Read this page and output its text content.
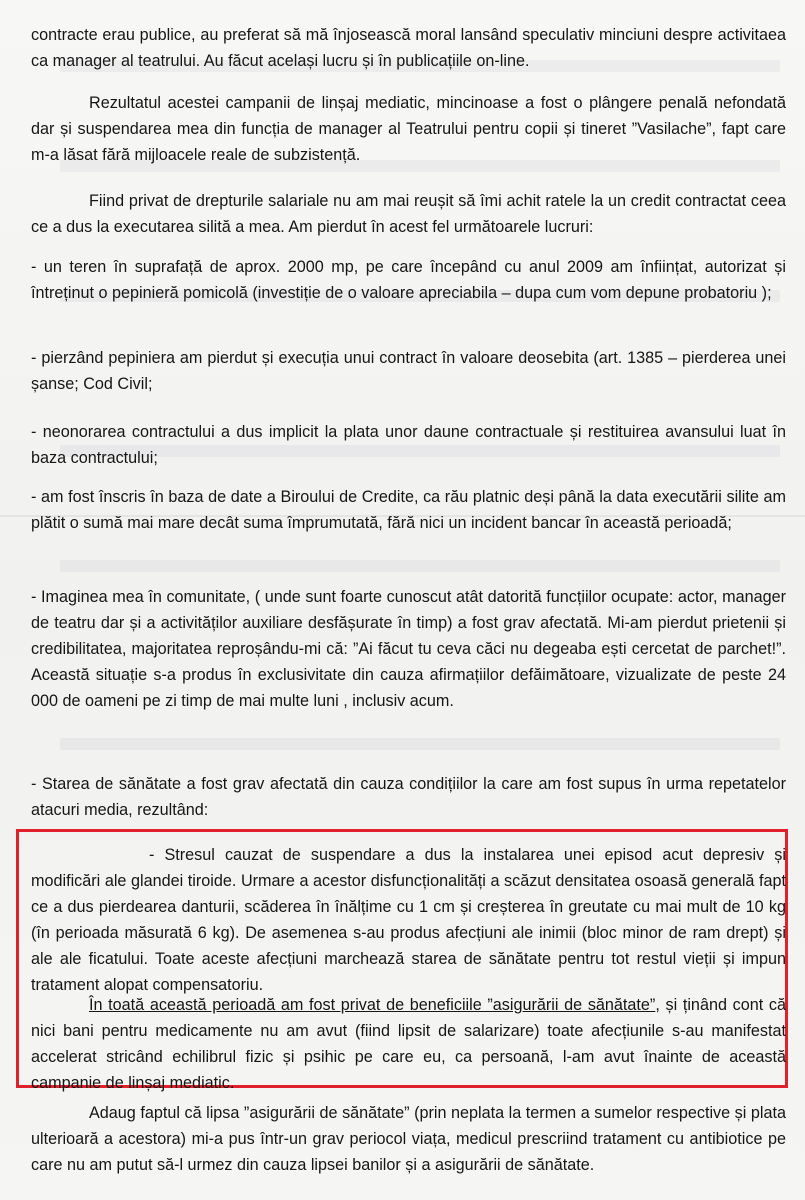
contracte erau publice, au preferat să mă înjosească moral lansând speculativ minciuni despre activitaea ca manager al teatrului. Au făcut același lucru și în publicațiile on-line.

Rezultatul acestei campanii de linșaj mediatic, mincinoase a fost o plângere penală nefondată dar și suspendarea mea din funcția de manager al Teatrului pentru copii și tineret ”Vasilache”, fapt care m-a lăsat fără mijloacele reale de subzistență.

Fiind privat de drepturile salariale nu am mai reușit să îmi achit ratele la un credit contractat ceea ce a dus la executarea silită a mea. Am pierdut în acest fel următoarele lucruri:

- un teren în suprafață de aprox. 2000 mp, pe care începând cu anul 2009 am înființat, autorizat și întreținut o pepinieră pomicolă (investiție de o valoare apreciabila – dupa cum vom depune probatoriu );

- pierzând pepiniera am pierdut și execuția unui contract în valoare deosebita (art. 1385 – pierderea unei șanse; Cod Civil;

- neonorarea contractului a dus implicit la plata unor daune contractuale și restituirea avansului luat în baza contractului;

- am fost înscris în baza de date a Biroului de Credite, ca rău platnic deși până la data executării silite am plătit o sumă mai mare decât suma împrumutată, fără nici un incident bancar în această perioadă;

- Imaginea mea în comunitate, ( unde sunt foarte cunoscut atât datorită funcțiilor ocupate: actor, manager de teatru dar și a activităților auxiliare desfășurate în timp) a fost grav afectată. Mi-am pierdut prietenii și credibilitatea, majoritatea reproșându-mi că: ”Ai făcut tu ceva căci nu degeaba ești cercetat de parchet!”. Această situație s-a produs în exclusivitate din cauza afirmațiilor defăimătoare, vizualizate de peste 24 000 de oameni pe zi timp de mai multe luni , inclusiv acum.

- Starea de sănătate a fost grav afectată din cauza condițiilor la care am fost supus în urma repetatelor atacuri media, rezultând:

- Stresul cauzat de suspendare a dus la instalarea unei episod acut depresiv și modificări ale glandei tiroide. Urmare a acestor disfuncționalități a scăzut densitatea osoasă generală fapt ce a dus pierdearea danturii, scăderea în înălțime cu 1 cm și creșterea în greutate cu mai mult de 10 kg (în perioada măsurată 6 kg). De asemenea s-au produs afecțiuni ale inimii (bloc minor de ram drept) și ale ale ficatului. Toate aceste afecțiuni marchează starea de sănătate pentru tot restul vieții și impun tratament alopat compensatoriu.

În toată această perioadă am fost privat de beneficiile ”asigurării de sănătate”, și ținând cont că nici bani pentru medicamente nu am avut (fiind lipsit de salarizare) toate afecțiunile s-au manifestat accelerat stricând echilibrul fizic și psihic pe care eu, ca persoană, l-am avut înainte de această campanie de linșaj mediatic.

Adaug faptul că lipsa ”asigurării de sănătate” (prin neplata la termen a sumelor respective și plata ulterioară a acestora) mi-a pus într-un grav periocol viața, medicul prescriind tratament cu antibiotice pe care nu am putut să-l urmez din cauza lipsei banilor și a asigurării de sănătate.
